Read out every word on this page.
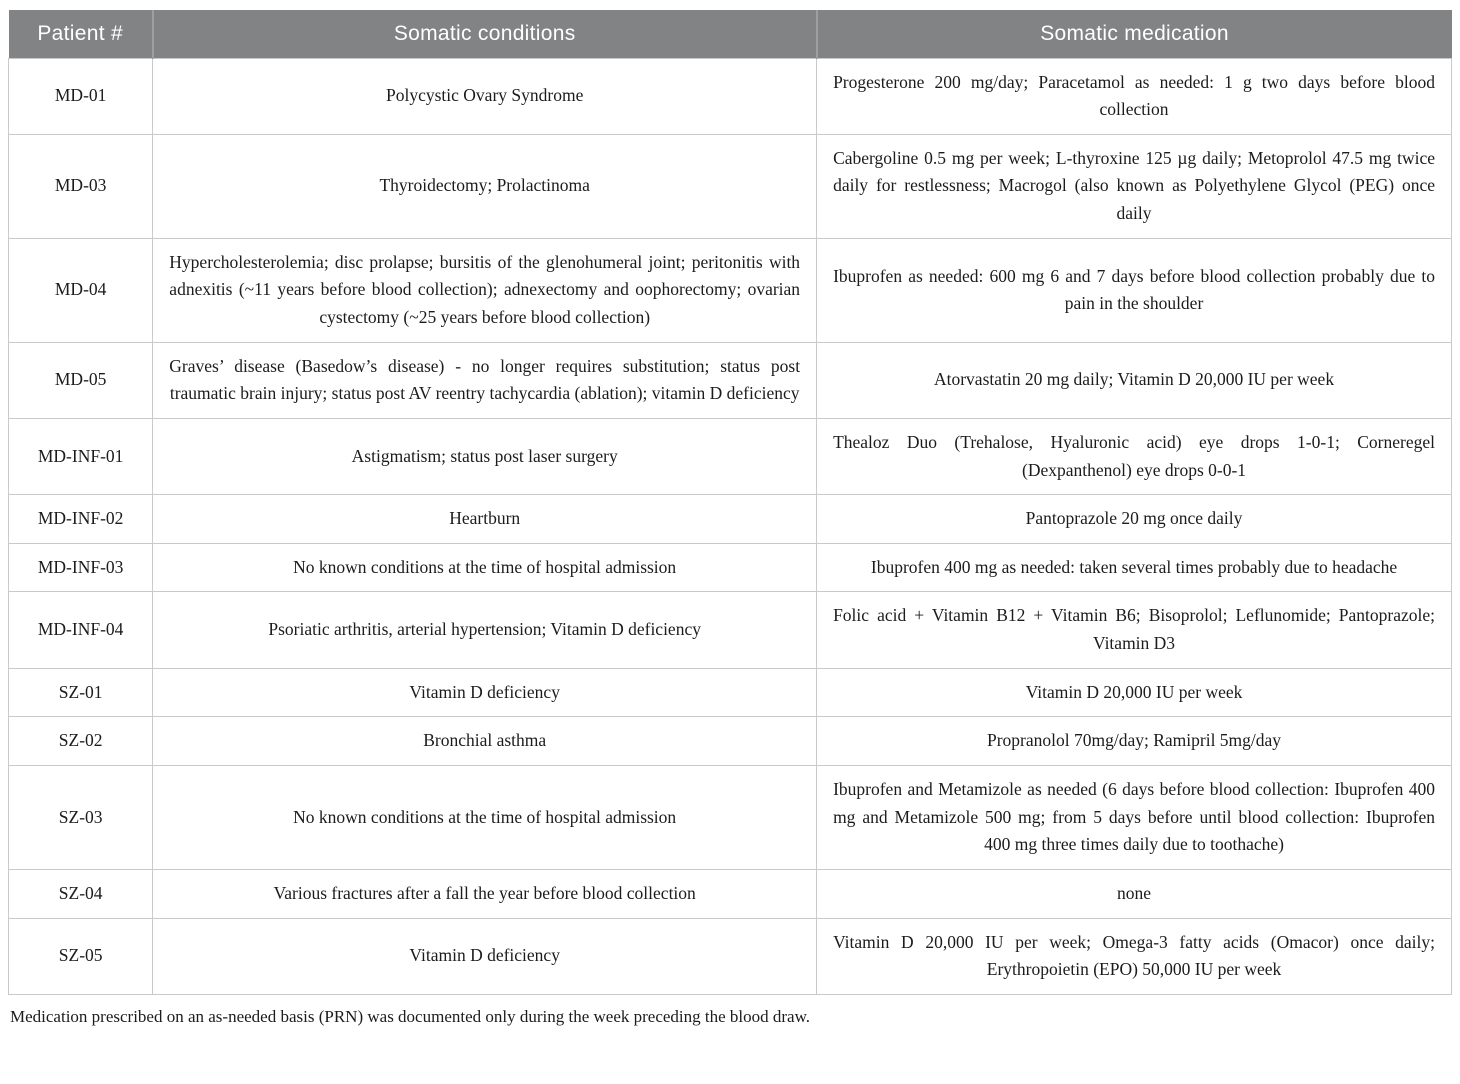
Patient #	Somatic conditions	Somatic medication
MD-01	Polycystic Ovary Syndrome	Progesterone 200 mg/day; Paracetamol as needed: 1 g two days before blood collection
MD-03	Thyroidectomy; Prolactinoma	Cabergoline 0.5 mg per week; L-thyroxine 125 µg daily; Metoprolol 47.5 mg twice daily for restlessness; Macrogol (also known as Polyethylene Glycol (PEG) once daily
MD-04	Hypercholesterolemia; disc prolapse; bursitis of the glenohumeral joint; peritonitis with adnexitis (~11 years before blood collection); adnexectomy and oophorectomy; ovarian cystectomy (~25 years before blood collection)	Ibuprofen as needed: 600 mg 6 and 7 days before blood collection probably due to pain in the shoulder
MD-05	Graves’ disease (Basedow’s disease) - no longer requires substitution; status post traumatic brain injury; status post AV reentry tachycardia (ablation); vitamin D deficiency	Atorvastatin 20 mg daily; Vitamin D 20,000 IU per week
MD-INF-01	Astigmatism; status post laser surgery	Thealoz Duo (Trehalose, Hyaluronic acid) eye drops 1-0-1; Corneregel (Dexpanthenol) eye drops 0-0-1
MD-INF-02	Heartburn	Pantoprazole 20 mg once daily
MD-INF-03	No known conditions at the time of hospital admission	Ibuprofen 400 mg as needed: taken several times probably due to headache
MD-INF-04	Psoriatic arthritis, arterial hypertension; Vitamin D deficiency	Folic acid + Vitamin B12 + Vitamin B6; Bisoprolol; Leflunomide; Pantoprazole; Vitamin D3
SZ-01	Vitamin D deficiency	Vitamin D 20,000 IU per week
SZ-02	Bronchial asthma	Propranolol 70mg/day; Ramipril 5mg/day
SZ-03	No known conditions at the time of hospital admission	Ibuprofen and Metamizole as needed (6 days before blood collection: Ibuprofen 400 mg and Metamizole 500 mg; from 5 days before until blood collection: Ibuprofen 400 mg three times daily due to toothache)
SZ-04	Various fractures after a fall the year before blood collection	none
SZ-05	Vitamin D deficiency	Vitamin D 20,000 IU per week; Omega-3 fatty acids (Omacor) once daily; Erythropoietin (EPO) 50,000 IU per week

Medication prescribed on an as-needed basis (PRN) was documented only during the week preceding the blood draw.
